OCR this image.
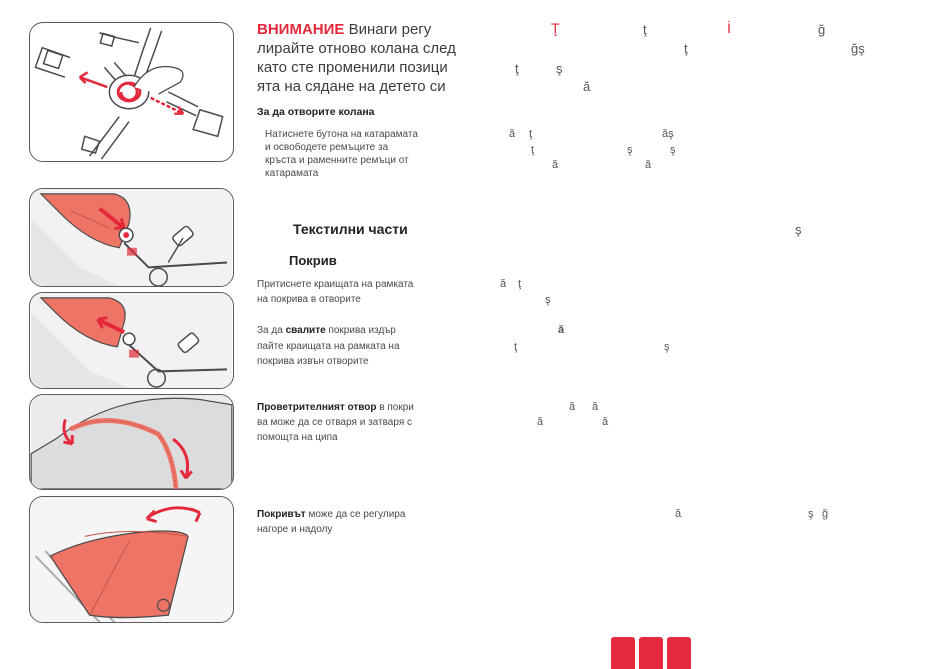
ВНИМАНИЕ Винаги регу
лирайте отново колана след
като сте променили позици
ята на сядане на детето си
За да отворите колана
Натиснете бутона на катарамата
и освободете ремъците за
кръста и раменните ремъци от
катарамата
Текстилни части
Покрив
Притиснете краищата на рамката
на покрива в отворите
За да свалите покрива издър
пайте краищата на рамката на
покрива извън отворите
Проветрителният отвор в покри
ва може да се отваря и затваря с
помощта на ципа
Покривът може да се регулира
нагоре и надолу
Ţ	ţ	İ	ğ
ţ	ğş
ţ	ş
ă
ă ţ	ăş
ţ	ş	ş
ă	ă
ş
ă ţ
ş
ă
ţ	ş
ă ă
ă	ă
ă	ş ğ
